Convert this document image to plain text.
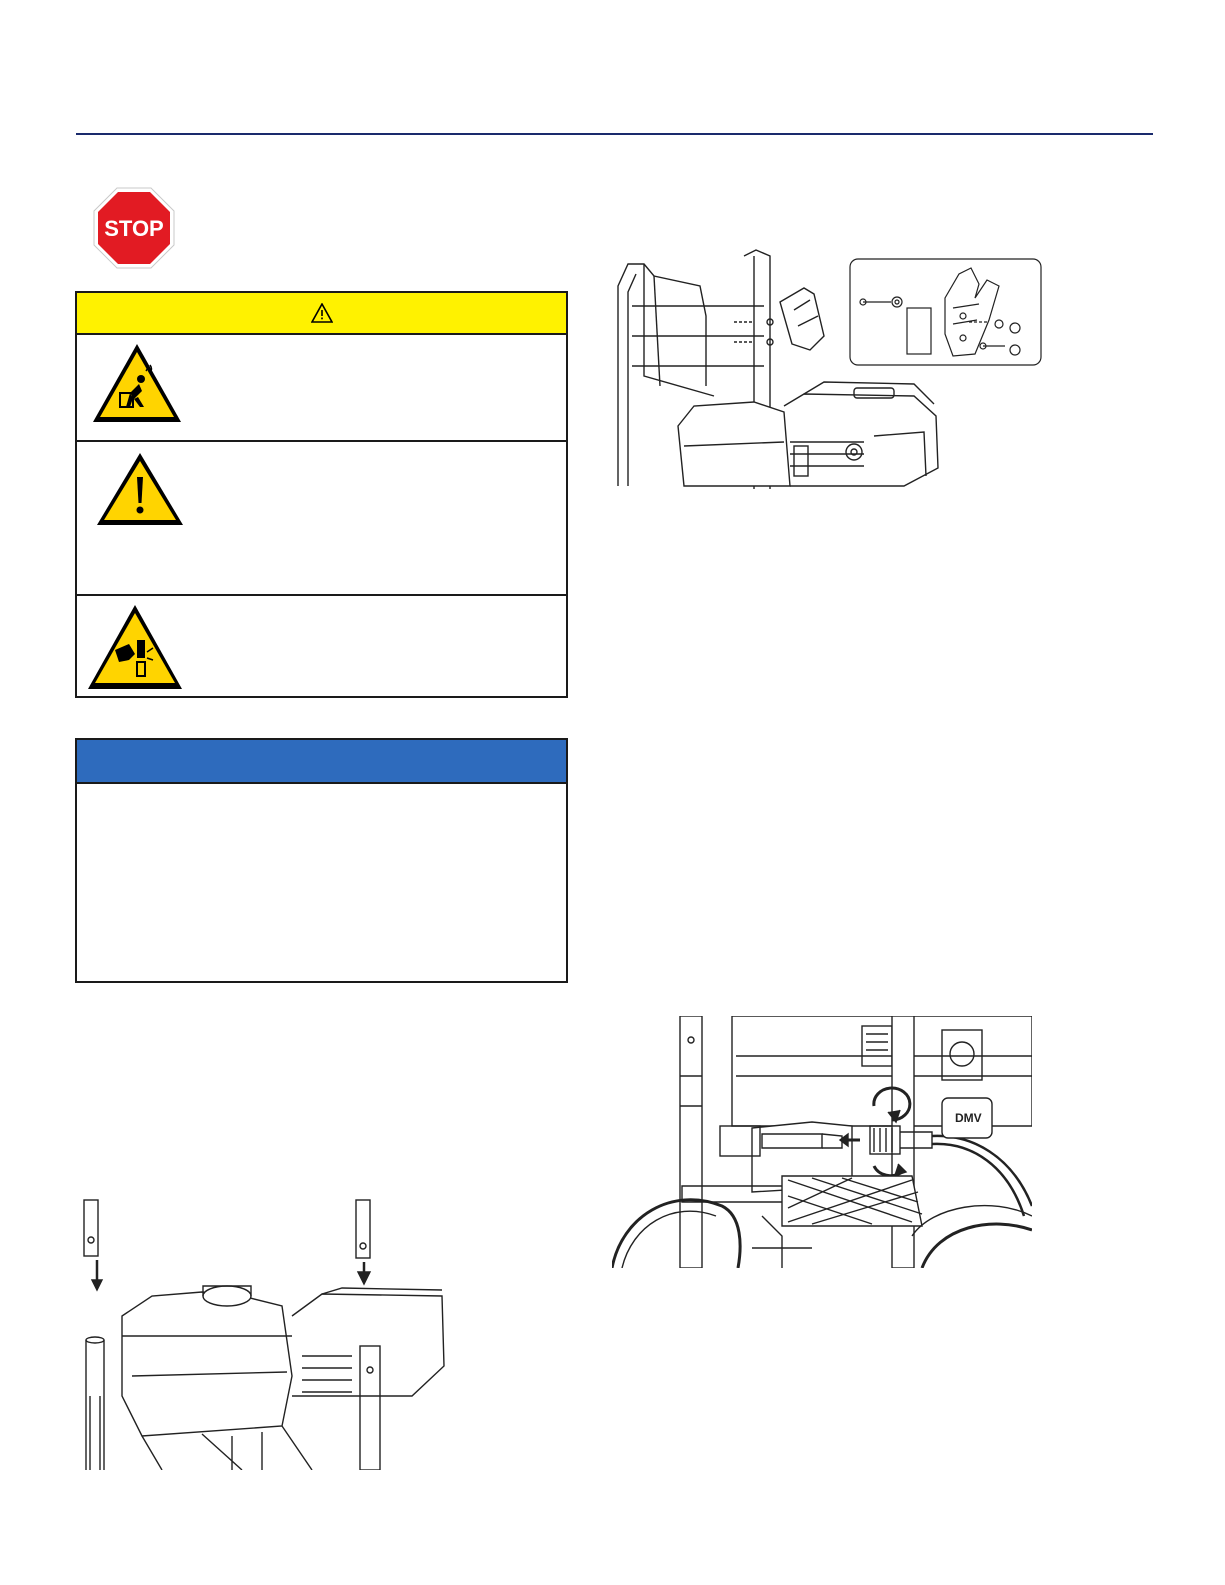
STOP
DMV
